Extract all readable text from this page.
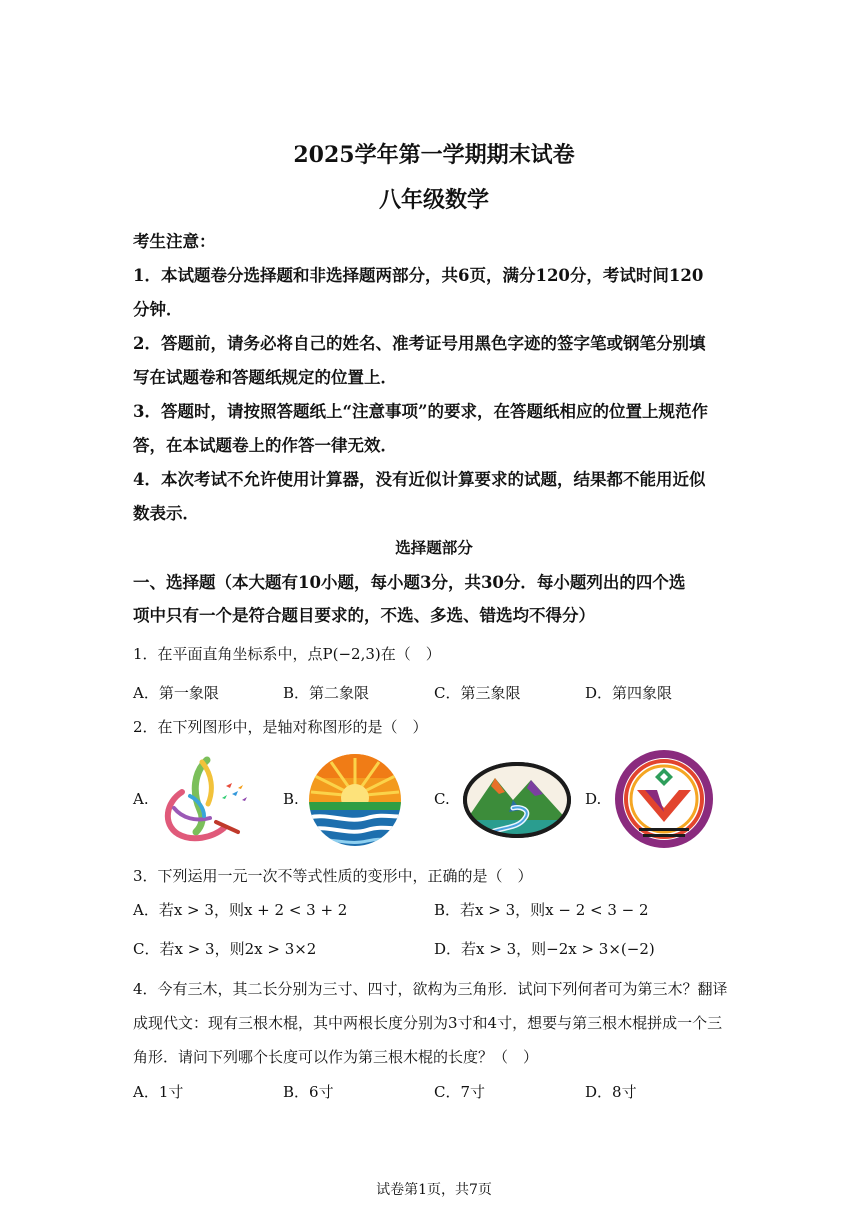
2025学年第一学期期末试卷
八年级数学
考生注意：
1．本试题卷分选择题和非选择题两部分，共6页，满分120分，考试时间120
分钟．
2．答题前，请务必将自己的姓名、准考证号用黑色字迹的签字笔或钢笔分别填
写在试题卷和答题纸规定的位置上．
3．答题时，请按照答题纸上“注意事项”的要求，在答题纸相应的位置上规范作
答，在本试题卷上的作答一律无效．
4．本次考试不允许使用计算器，没有近似计算要求的试题，结果都不能用近似
数表示．
选择题部分
一、选择题（本大题有10小题，每小题3分，共30分．每小题列出的四个选
项中只有一个是符合题目要求的，不选、多选、错选均不得分）
1．在平面直角坐标系中，点P(−2,3)在（　）
A．第一象限	B．第二象限	C．第三象限	D．第四象限
2．在下列图形中，是轴对称图形的是（　）
A.	B.	C.	D.
3．下列运用一元一次不等式性质的变形中，正确的是（　）
A．若x > 3，则x + 2 < 3 + 2	B．若x > 3，则x − 2 < 3 − 2
C．若x > 3，则2x > 3×2	D．若x > 3，则−2x > 3×(−2)
4．今有三木，其二长分别为三寸、四寸，欲构为三角形．试问下列何者可为第三木？翻译
成现代文：现有三根木棍，其中两根长度分别为3寸和4寸，想要与第三根木棍拼成一个三
角形．请问下列哪个长度可以作为第三根木棍的长度？（　）
A．1寸	B．6寸	C．7寸	D．8寸
试卷第1页，共7页
